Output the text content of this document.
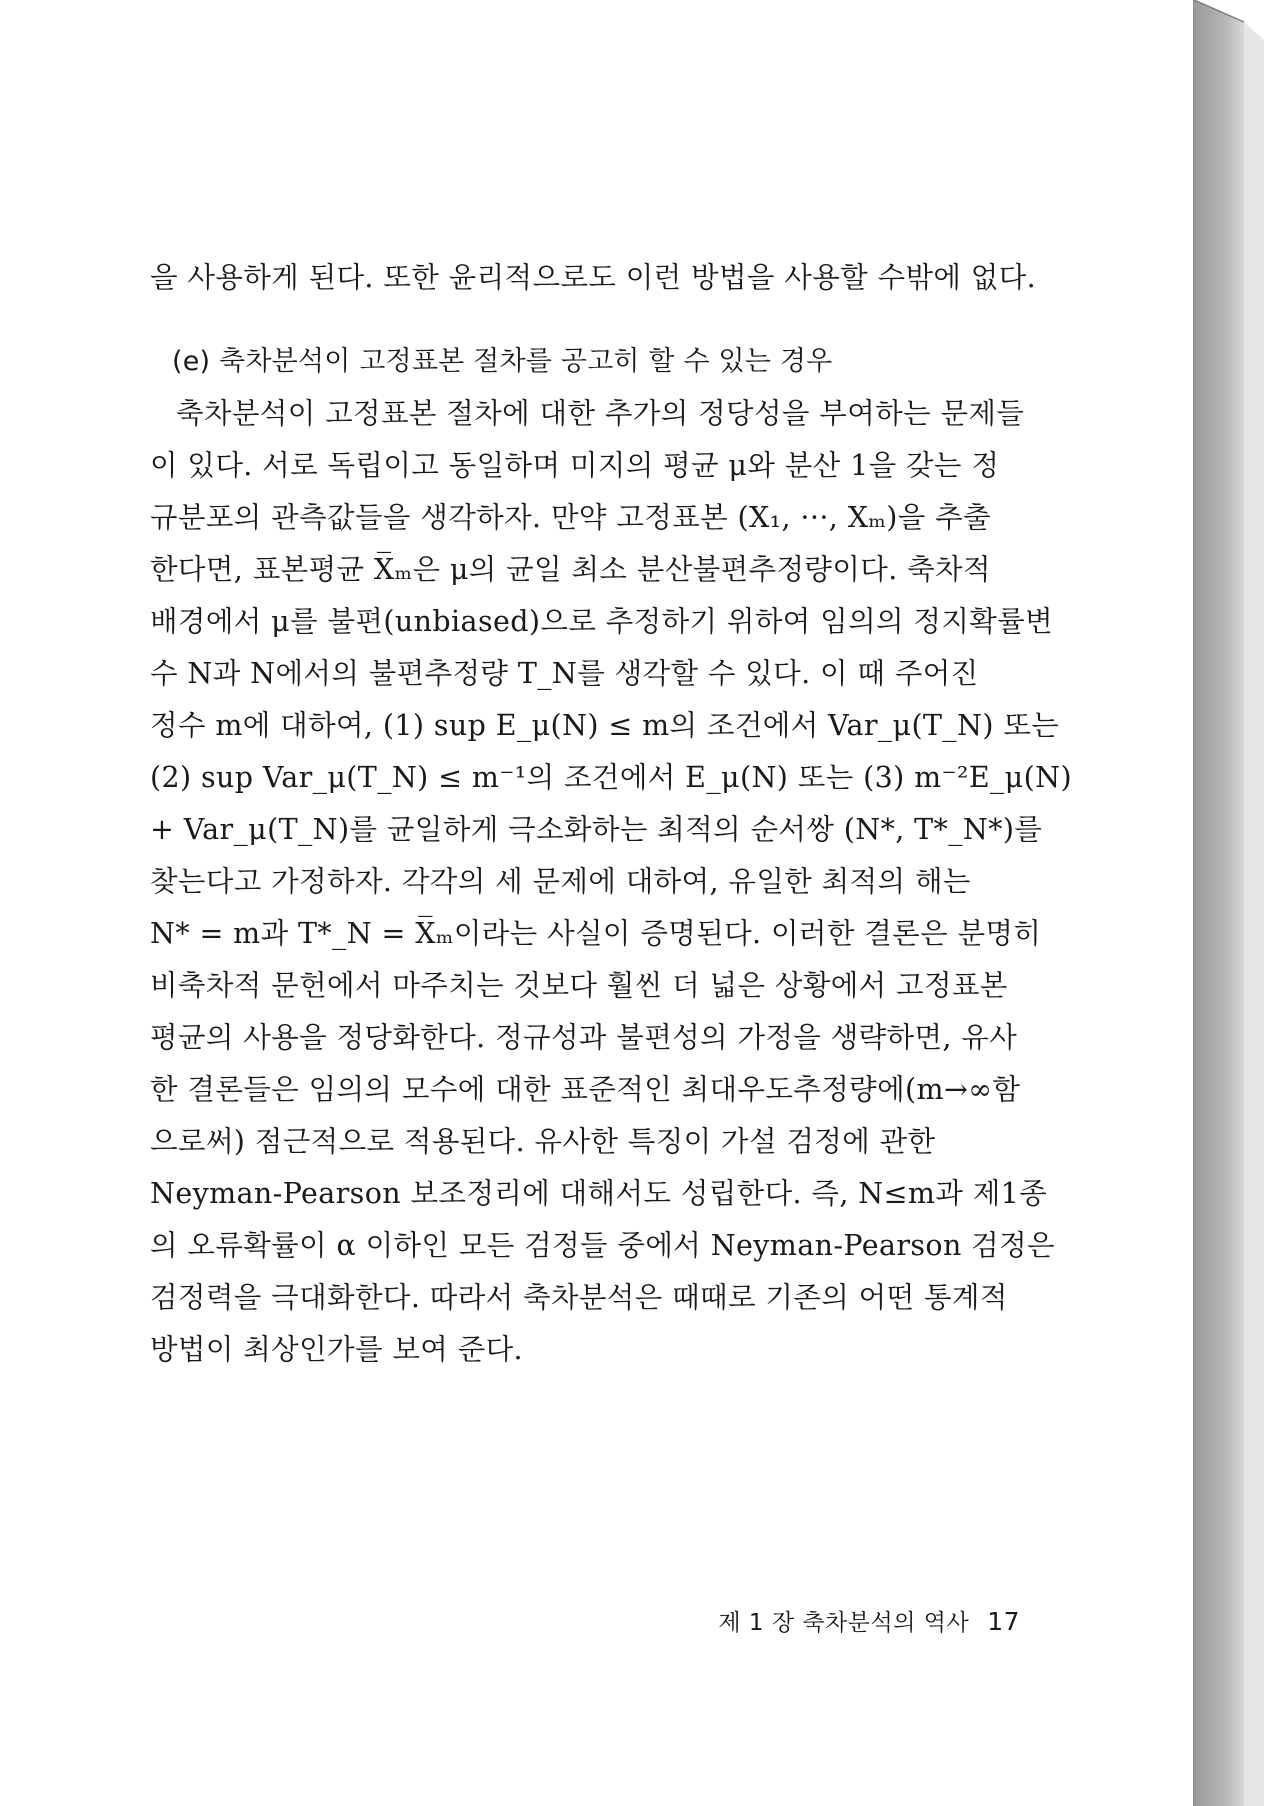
을 사용하게 된다. 또한 윤리적으로도 이런 방법을 사용할 수밖에 없다.
(e) 축차분석이 고정표본 절차를 공고히 할 수 있는 경우
축차분석이 고정표본 절차에 대한 추가의 정당성을 부여하는 문제들
이 있다. 서로 독립이고 동일하며 미지의 평균 μ와 분산 1을 갖는 정
규분포의 관측값들을 생각하자. 만약 고정표본 (X₁, ···, Xₘ)을 추출
한다면, 표본평균 X̅ₘ은 μ의 균일 최소 분산불편추정량이다. 축차적
배경에서 μ를 불편(unbiased)으로 추정하기 위하여 임의의 정지확률변
수 N과 N에서의 불편추정량 T_N를 생각할 수 있다. 이 때 주어진
정수 m에 대하여, (1) sup E_μ(N) ≤ m의 조건에서 Var_μ(T_N) 또는
(2) sup Var_μ(T_N) ≤ m⁻¹의 조건에서 E_μ(N) 또는 (3) m⁻²E_μ(N)
+ Var_μ(T_N)를 균일하게 극소화하는 최적의 순서쌍 (N*, T*_N*)를
찾는다고 가정하자. 각각의 세 문제에 대하여, 유일한 최적의 해는
N* = m과 T*_N = X̅ₘ이라는 사실이 증명된다. 이러한 결론은 분명히
비축차적 문헌에서 마주치는 것보다 훨씬 더 넓은 상황에서 고정표본
평균의 사용을 정당화한다. 정규성과 불편성의 가정을 생략하면, 유사
한 결론들은 임의의 모수에 대한 표준적인 최대우도추정량에(m→∞함
으로써) 점근적으로 적용된다. 유사한 특징이 가설 검정에 관한
Neyman-Pearson 보조정리에 대해서도 성립한다. 즉, N≤m과 제1종
의 오류확률이 α 이하인 모든 검정들 중에서 Neyman-Pearson 검정은
검정력을 극대화한다. 따라서 축차분석은 때때로 기존의 어떤 통계적
방법이 최상인가를 보여 준다.
제 1 장 축차분석의 역사 17
